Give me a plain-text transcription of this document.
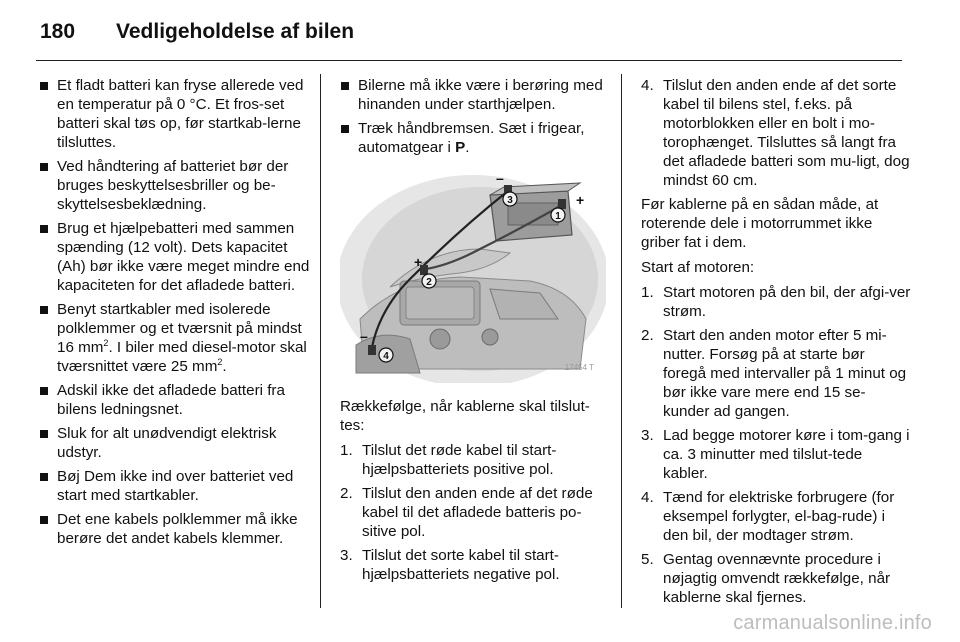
180 Vedligeholdelse af bilen
Et fladt batteri kan fryse allerede ved en temperatur på 0 °C. Et fros-set batteri skal tøs op, før startkab-lerne tilsluttes.
Ved håndtering af batteriet bør der bruges beskyttelsesbriller og be-skyttelsesbeklædning.
Brug et hjælpebatteri med sammen spænding (12 volt). Dets kapacitet (Ah) bør ikke være meget mindre end kapaciteten for det afladede batteri.
Benyt startkabler med isolerede polklemmer og et tværsnit på mindst 16 $mm^2$. I biler med diesel-motor skal tværsnittet være 25 $mm^2$.
Adskil ikke det afladede batteri fra bilens ledningsnet.
Sluk for alt unødvendigt elektrisk udstyr.
Bøj Dem ikke ind over batteriet ved start med startkabler.
Det ene kabels polklemmer må ikke berøre det andet kabels klemmer.
Bilerne må ikke være i berøring med hinanden under starthjælpen.
Træk håndbremsen. Sæt i frigear, automatgear i P.
+
–
+
–
1
2
3
4
17454 T

Rækkefølge, når kablerne skal tilslut-tes:

1. Tilslut det røde kabel til start-hjælpsbatteriets positive pol.
2. Tilslut den anden ende af det røde kabel til det afladede batteris po-sitive pol.
3. Tilslut det sorte kabel til start-hjælpsbatteriets negative pol.
4. Tilslut den anden ende af det sorte kabel til bilens stel, f.eks. på motorblokken eller en bolt i mo-torophænget. Tilsluttes så langt fra det afladede batteri som mu-ligt, dog mindst 60 cm.

Før kablerne på en sådan måde, at roterende dele i motorrummet ikke griber fat i dem.

Start af motoren:

1. Start motoren på den bil, der afgi-ver strøm.
2. Start den anden motor efter 5 mi-nutter. Forsøg på at starte bør foregå med intervaller på 1 minut og bør ikke vare mere end 15 se-kunder ad gangen.
3. Lad begge motorer køre i tom-gang i ca. 3 minutter med tilslut-tede kabler.
4. Tænd for elektriske forbrugere (for eksempel forlygter, el-bag-rude) i den bil, der modtager strøm.
5. Gentag ovennævnte procedure i nøjagtig omvendt rækkefølge, når kablerne skal fjernes.
carmanualsonline.info
